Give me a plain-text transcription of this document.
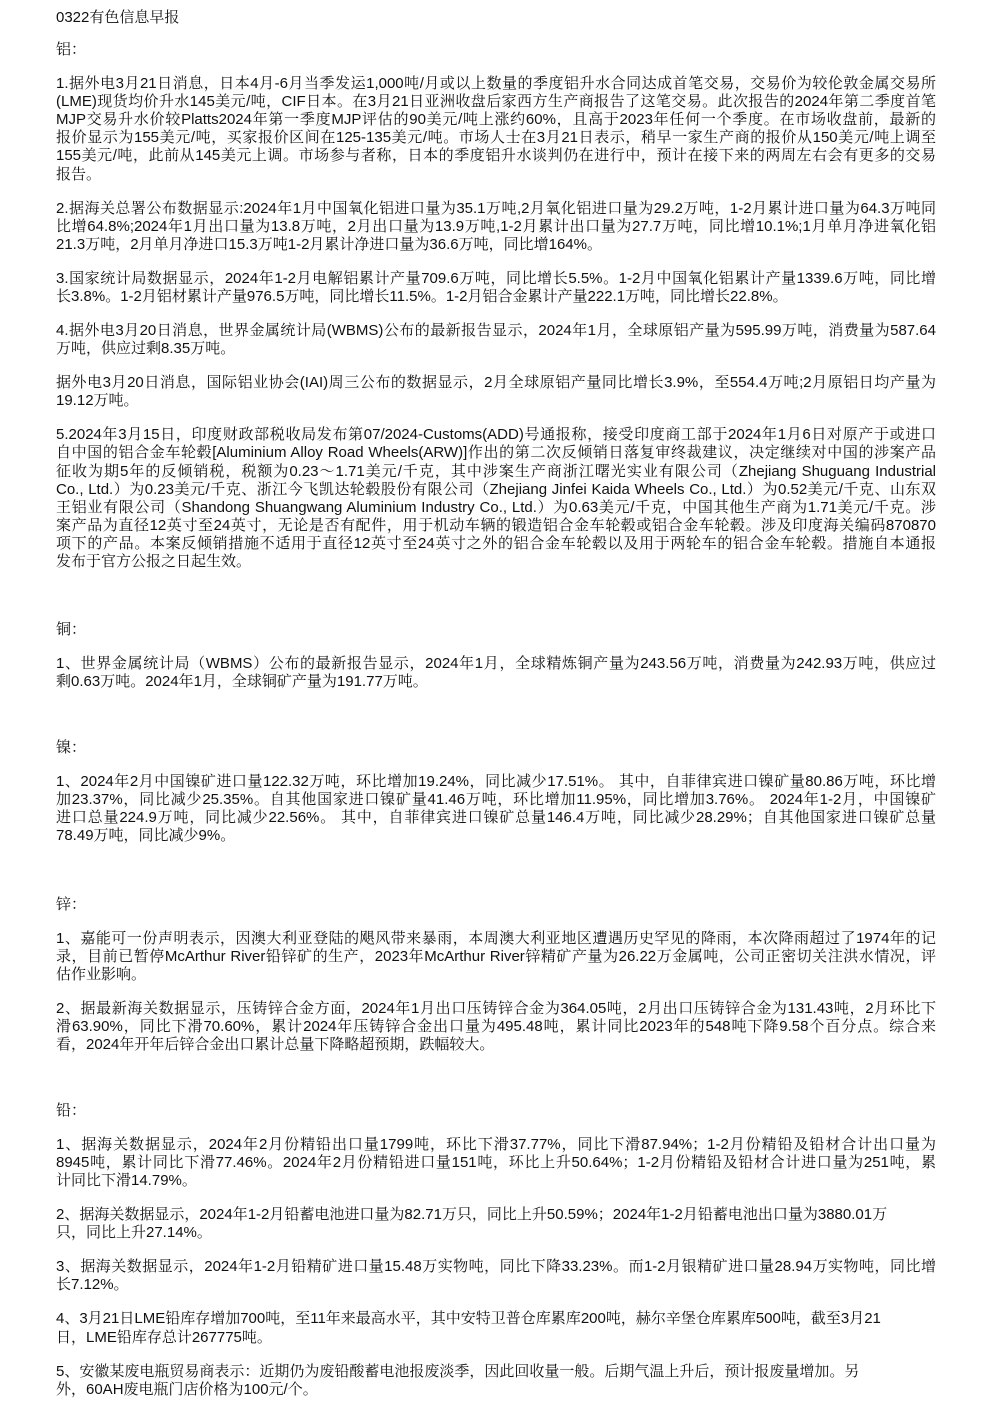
0322有色信息早报
铝：
1.据外电3月21日消息，日本4月-6月当季发运1,000吨/月或以上数量的季度铝升水合同达成首笔交易，交易价为较伦敦金属交易所
(LME)现货均价升水145美元/吨，CIF日本。在3月21日亚洲收盘后家西方生产商报告了这笔交易。此次报告的2024年第二季度首笔
MJP交易升水价较Platts2024年第一季度MJP评估的90美元/吨上涨约60%，且高于2023年任何一个季度。在市场收盘前，最新的
报价显示为155美元/吨，买家报价区间在125-135美元/吨。市场人士在3月21日表示，稍早一家生产商的报价从150美元/吨上调至
155美元/吨，此前从145美元上调。市场参与者称，日本的季度铝升水谈判仍在进行中，预计在接下来的两周左右会有更多的交易
报告。
2.据海关总署公布数据显示:2024年1月中国氧化铝进口量为35.1万吨,2月氧化铝进口量为29.2万吨，1-2月累计进口量为64.3万吨同
比增64.8%;2024年1月出口量为13.8万吨，2月出口量为13.9万吨,1-2月累计出口量为27.7万吨，同比增10.1%;1月单月净进氧化铝
21.3万吨，2月单月净进口15.3万吨1-2月累计净进口量为36.6万吨，同比增164%。
3.国家统计局数据显示，2024年1-2月电解铝累计产量709.6万吨，同比增长5.5%。1-2月中国氧化铝累计产量1339.6万吨，同比增
长3.8%。1-2月铝材累计产量976.5万吨，同比增长11.5%。1-2月铝合金累计产量222.1万吨，同比增长22.8%。
4.据外电3月20日消息，世界金属统计局(WBMS)公布的最新报告显示，2024年1月，全球原铝产量为595.99万吨，消费量为587.64
万吨，供应过剩8.35万吨。
据外电3月20日消息，国际铝业协会(IAI)周三公布的数据显示，2月全球原铝产量同比增长3.9%，至554.4万吨;2月原铝日均产量为
19.12万吨。
5.2024年3月15日，印度财政部税收局发布第07/2024-Customs(ADD)号通报称，接受印度商工部于2024年1月6日对原产于或进口
自中国的铝合金车轮毂[Aluminium Alloy Road Wheels(ARW)]作出的第二次反倾销日落复审终裁建议，决定继续对中国的涉案产品
征收为期5年的反倾销税，税额为0.23～1.71美元/千克，其中涉案生产商浙江曙光实业有限公司（Zhejiang Shuguang Industrial
Co., Ltd.）为0.23美元/千克、浙江今飞凯达轮毂股份有限公司（Zhejiang Jinfei Kaida Wheels Co., Ltd.）为0.52美元/千克、山东双
王铝业有限公司（Shandong Shuangwang Aluminium Industry Co., Ltd.）为0.63美元/千克，中国其他生产商为1.71美元/千克。涉
案产品为直径12英寸至24英寸，无论是否有配件，用于机动车辆的锻造铝合金车轮毂或铝合金车轮毂。涉及印度海关编码870870
项下的产品。本案反倾销措施不适用于直径12英寸至24英寸之外的铝合金车轮毂以及用于两轮车的铝合金车轮毂。措施自本通报
发布于官方公报之日起生效。
铜：
1、世界金属统计局（WBMS）公布的最新报告显示，2024年1月，全球精炼铜产量为243.56万吨，消费量为242.93万吨，供应过
剩0.63万吨。2024年1月，全球铜矿产量为191.77万吨。
镍：
1、2024年2月中国镍矿进口量122.32万吨，环比增加19.24%，同比减少17.51%。 其中，自菲律宾进口镍矿量80.86万吨，环比增
加23.37%，同比减少25.35%。自其他国家进口镍矿量41.46万吨，环比增加11.95%，同比增加3.76%。 2024年1-2月，中国镍矿
进口总量224.9万吨，同比减少22.56%。 其中，自菲律宾进口镍矿总量146.4万吨，同比减少28.29%；自其他国家进口镍矿总量
78.49万吨，同比减少9%。
锌：
1、嘉能可一份声明表示，因澳大利亚登陆的飓风带来暴雨，本周澳大利亚地区遭遇历史罕见的降雨，本次降雨超过了1974年的记
录，目前已暂停McArthur River铅锌矿的生产，2023年McArthur River锌精矿产量为26.22万金属吨，公司正密切关注洪水情况，评
估作业影响。
2、据最新海关数据显示，压铸锌合金方面，2024年1月出口压铸锌合金为364.05吨，2月出口压铸锌合金为131.43吨，2月环比下
滑63.90%，同比下滑70.60%，累计2024年压铸锌合金出口量为495.48吨，累计同比2023年的548吨下降9.58个百分点。综合来
看，2024年开年后锌合金出口累计总量下降略超预期，跌幅较大。
铅：
1、据海关数据显示，2024年2月份精铅出口量1799吨，环比下滑37.77%，同比下滑87.94%；1-2月份精铅及铅材合计出口量为
8945吨，累计同比下滑77.46%。2024年2月份精铅进口量151吨，环比上升50.64%；1-2月份精铅及铅材合计进口量为251吨，累
计同比下滑14.79%。
2、据海关数据显示，2024年1-2月铅蓄电池进口量为82.71万只，同比上升50.59%；2024年1-2月铅蓄电池出口量为3880.01万
只，同比上升27.14%。
3、据海关数据显示，2024年1-2月铅精矿进口量15.48万实物吨，同比下降33.23%。而1-2月银精矿进口量28.94万实物吨，同比增
长7.12%。
4、3月21日LME铅库存增加700吨，至11年来最高水平，其中安特卫普仓库累库200吨，赫尔辛堡仓库累库500吨，截至3月21
日，LME铅库存总计267775吨。
5、安徽某废电瓶贸易商表示：近期仍为废铅酸蓄电池报废淡季，因此回收量一般。后期气温上升后，预计报废量增加。另
外，60AH废电瓶门店价格为100元/个。
